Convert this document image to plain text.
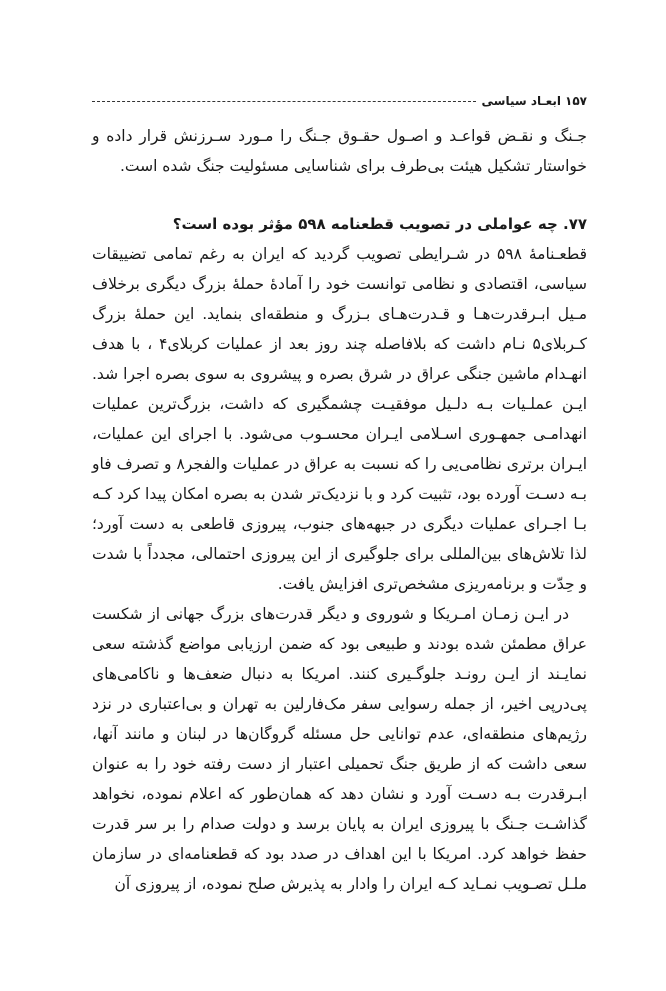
ابعـاد سیاسی ۱۵۷

جـنگ و نقـض قواعـد و اصـول حقـوق جـنگ را مـورد سـرزنش قرار داده و خواستار تشکیل هیئت بی‌طرف برای شناسایی مسئولیت جنگ شده است.

۷۷. چه عواملی در تصویب قطعنامه ۵۹۸ مؤثر بوده است؟

قطعـنامهٔ ۵۹۸ در شـرایطی تصویب گردید که ایران به رغم تمامی تضییقات سیاسی، اقتصادی و نظامی توانست خود را آمادهٔ حملهٔ بزرگ دیگری برخلاف مـیل ابـرقدرت‌هـا و قـدرت‌هـای بـزرگ و منطقه‌ای بنماید. این حملهٔ بزرگ کـربلای۵ نـام داشت که بلافاصله چند روز بعد از عملیات کربلای۴ ، با هدف انهـدام ماشین جنگی عراق در شرق بصره و پیشروی به سوی بصره اجرا شد. ایـن عملـیات بـه دلـیل موفقیـت چشمگیری که داشت، بزرگ‌ترین عملیات انهدامـی جمهـوری اسـلامی ایـران محسـوب می‌شود. با اجرای این عملیات، ایـران برتری نظامی‌یی را که نسبت به عراق در عملیات والفجر۸ و تصرف فاو بـه دسـت آورده بود، تثبیت کرد و با نزدیک‌تر شدن به بصره امکان پیدا کرد کـه بـا اجـرای عملیات دیگری در جبهه‌های جنوب، پیروزی قاطعی به دست آورد؛ لذا تلاش‌های بین‌المللی برای جلوگیری از این پیروزی احتمالی، مجدداً با شدت و حِدّت و برنامه‌ریزی مشخص‌تری افزایش یافت.

در ایـن زمـان امـریکا و شوروی و دیگر قدرت‌های بزرگ جهانی از شکست عراق مطمئن شده بودند و طبیعی بود که ضمن ارزیابی مواضع گذشته سعی نمایـند از ایـن رونـد جلوگـیری کنند. امریکا به دنبال ضعف‌ها و ناکامی‌های پی‌درپی اخیر، از جمله رسوایی سفر مک‌فارلین به تهران و بی‌اعتباری در نزد رژیم‌های منطقه‌ای، عدم توانایی حل مسئله گروگان‌ها در لبنان و مانند آنها، سعی داشت که از طریق جنگ تحمیلی اعتبار از دست رفته خود را به عنوان ابـرقدرت بـه دسـت آورد و نشان دهد که همان‌طور که اعلام نموده، نخواهد گذاشـت جـنگ با پیروزی ایران به پایان برسد و دولت صدام را بر سر قدرت حفظ خواهد کرد. امریکا با این اهداف در صدد بود که قطعنامه‌ای در سازمان ملـل تصـویب نمـاید کـه ایران را وادار به پذیرش صلح نموده، از پیروزی آن
